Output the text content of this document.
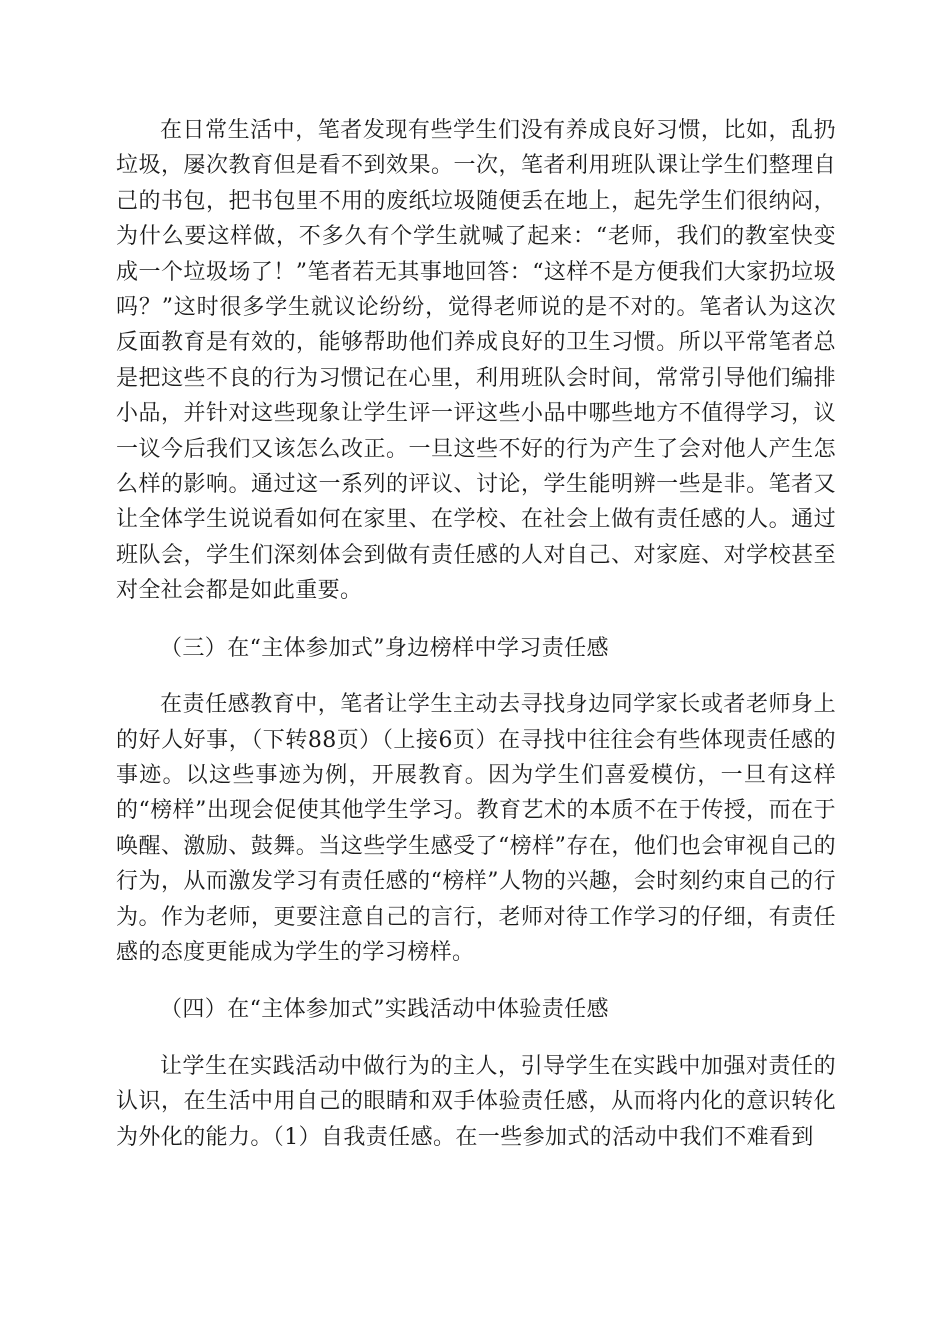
在日常生活中，笔者发现有些学生们没有养成良好习惯，比如，乱扔垃圾，屡次教育但是看不到效果。一次，笔者利用班队课让学生们整理自己的书包，把书包里不用的废纸垃圾随便丢在地上，起先学生们很纳闷，为什么要这样做，不多久有个学生就喊了起来：“老师，我们的教室快变成一个垃圾场了！”笔者若无其事地回答：“这样不是方便我们大家扔垃圾吗？”这时很多学生就议论纷纷，觉得老师说的是不对的。笔者认为这次反面教育是有效的，能够帮助他们养成良好的卫生习惯。所以平常笔者总是把这些不良的行为习惯记在心里，利用班队会时间，常常引导他们编排小品，并针对这些现象让学生评一评这些小品中哪些地方不值得学习，议一议今后我们又该怎么改正。一旦这些不好的行为产生了会对他人产生怎么样的影响。通过这一系列的评议、讨论，学生能明辨一些是非。笔者又让全体学生说说看如何在家里、在学校、在社会上做有责任感的人。通过班队会，学生们深刻体会到做有责任感的人对自己、对家庭、对学校甚至对全社会都是如此重要。

（三）在“主体参加式”身边榜样中学习责任感

在责任感教育中，笔者让学生主动去寻找身边同学家长或者老师身上的好人好事，（下转88页）（上接6页）在寻找中往往会有些体现责任感的事迹。以这些事迹为例，开展教育。因为学生们喜爱模仿，一旦有这样的“榜样”出现会促使其他学生学习。教育艺术的本质不在于传授，而在于唤醒、激励、鼓舞。当这些学生感受了“榜样”存在，他们也会审视自己的行为，从而激发学习有责任感的“榜样”人物的兴趣，会时刻约束自己的行为。作为老师，更要注意自己的言行，老师对待工作学习的仔细，有责任感的态度更能成为学生的学习榜样。

（四）在“主体参加式”实践活动中体验责任感

让学生在实践活动中做行为的主人，引导学生在实践中加强对责任的认识，在生活中用自己的眼睛和双手体验责任感，从而将内化的意识转化为外化的能力。（1）自我责任感。在一些参加式的活动中我们不难看到
